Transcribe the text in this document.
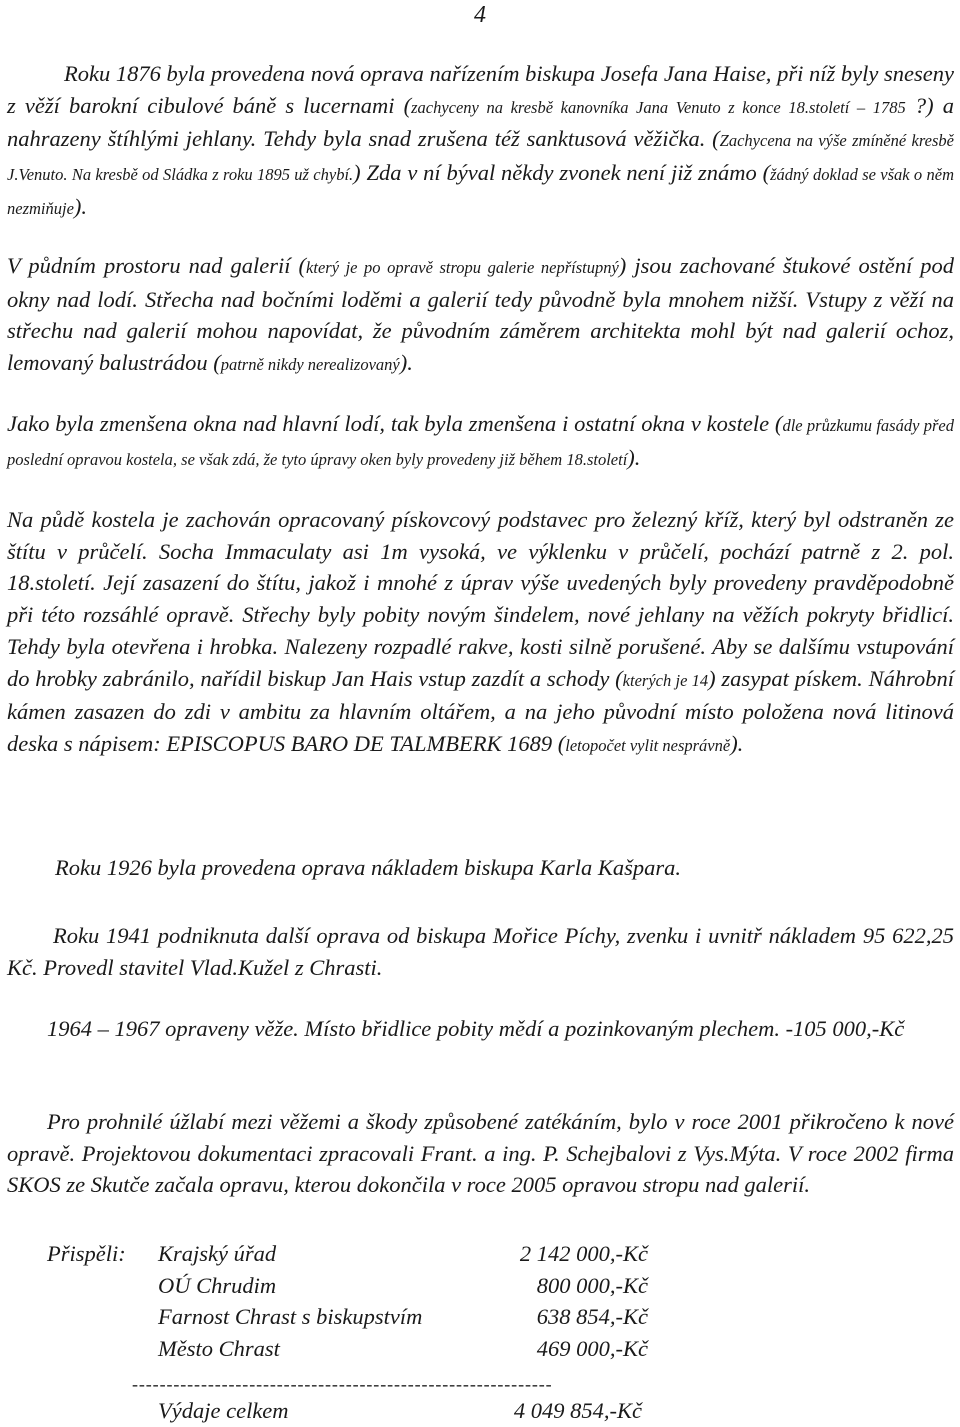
4

Roku 1876 byla provedena nová oprava nařízením biskupa Josefa Jana Haise, při níž byly sneseny z věží barokní cibulové báně s lucernami (zachyceny na kresbě kanovníka Jana Venuto z konce 18.století – 1785 ?) a nahrazeny štíhlými jehlany. Tehdy byla snad zrušena též sanktusová věžička. (Zachycena na výše zmíněné kresbě J.Venuto. Na kresbě od Sládka z roku 1895 už chybí.) Zda v ní býval někdy zvonek není již známo (žádný doklad se však o něm nezmiňuje).

V půdním prostoru nad galerií (který je po opravě stropu galerie nepřístupný) jsou zachované štukové ostění pod okny nad lodí. Střecha nad bočními loděmi a galerií tedy původně byla mnohem nižší. Vstupy z věží na střechu nad galerií mohou napovídat, že původním záměrem architekta mohl být nad galerií ochoz, lemovaný balustrádou (patrně nikdy nerealizovaný).

Jako byla zmenšena okna nad hlavní lodí, tak byla zmenšena i ostatní okna v kostele (dle průzkumu fasády před poslední opravou kostela, se však zdá, že tyto úpravy oken byly provedeny již během 18.století).

Na půdě kostela je zachován opracovaný pískovcový podstavec pro železný kříž, který byl odstraněn ze štítu v průčelí. Socha Immaculaty asi 1m vysoká, ve výklenku v průčelí, pochází patrně z 2. pol. 18.století. Její zasazení do štítu, jakož i mnohé z úprav výše uvedených byly provedeny pravděpodobně při této rozsáhlé opravě. Střechy byly pobity novým šindelem, nové jehlany na věžích pokryty břidlicí. Tehdy byla otevřena i hrobka. Nalezeny rozpadlé rakve, kosti silně porušené. Aby se dalšímu vstupování do hrobky zabránilo, nařídil biskup Jan Hais vstup zazdít a schody (kterých je 14) zasypat pískem. Náhrobní kámen zasazen do zdi v ambitu za hlavním oltářem, a na jeho původní místo položena nová litinová deska s nápisem: EPISCOPUS BARO DE TALMBERK 1689 (letopočet vylit nesprávně).

Roku 1926 byla provedena oprava nákladem biskupa Karla Kašpara.

Roku 1941 podniknuta další oprava od biskupa Mořice Píchy, zvenku i uvnitř nákladem 95 622,25 Kč. Provedl stavitel Vlad.Kužel z Chrasti.

1964 – 1967 opraveny věže. Místo břidlice pobity mědí a pozinkovaným plechem. -105 000,-Kč

Pro prohnilé úžlabí mezi věžemi a škody způsobené zatékáním, bylo v roce 2001 přikročeno k nové opravě. Projektovou dokumentaci zpracovali Frant. a ing. P. Schejbalovi z Vys.Mýta. V roce 2002 firma SKOS ze Skutče začala opravu, kterou dokončila v roce 2005 opravou stropu nad galerií.

Přispěli: Krajský úřad	2 142 000,-Kč
OÚ Chrudim	800 000,-Kč
Farnost Chrast s biskupstvím	638 854,-Kč
Město Chrast	469 000,-Kč
-------------------------------------------------------------
Výdaje celkem	4 049 854,-Kč
